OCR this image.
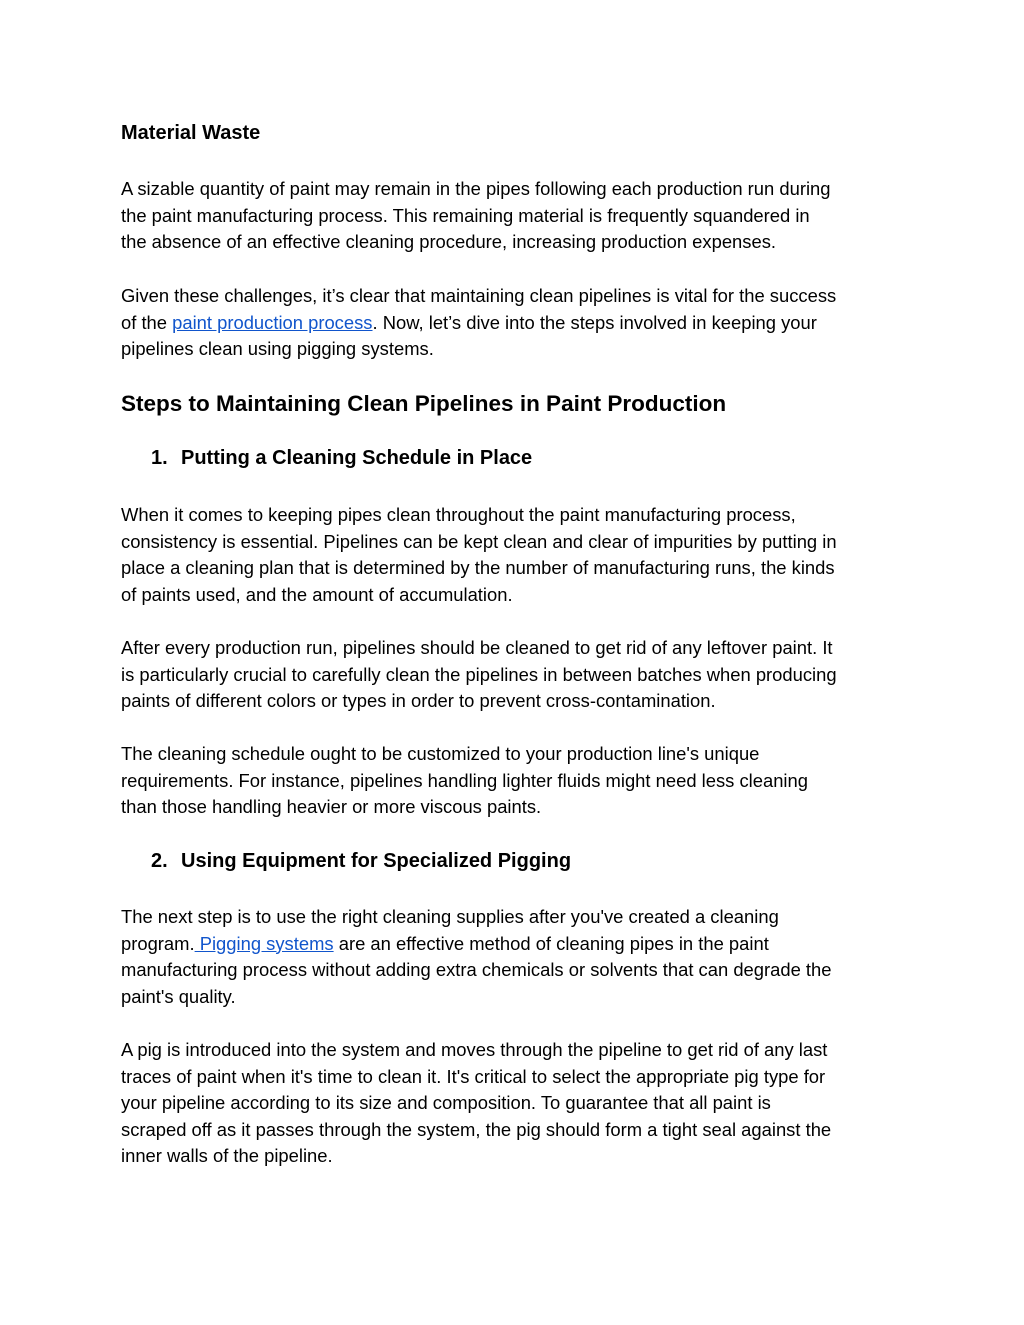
Material Waste
A sizable quantity of paint may remain in the pipes following each production run during
the paint manufacturing process. This remaining material is frequently squandered in
the absence of an effective cleaning procedure, increasing production expenses.
Given these challenges, it’s clear that maintaining clean pipelines is vital for the success
of the paint production process. Now, let’s dive into the steps involved in keeping your
pipelines clean using pigging systems.
Steps to Maintaining Clean Pipelines in Paint Production
1. Putting a Cleaning Schedule in Place
When it comes to keeping pipes clean throughout the paint manufacturing process,
consistency is essential. Pipelines can be kept clean and clear of impurities by putting in
place a cleaning plan that is determined by the number of manufacturing runs, the kinds
of paints used, and the amount of accumulation.
After every production run, pipelines should be cleaned to get rid of any leftover paint. It
is particularly crucial to carefully clean the pipelines in between batches when producing
paints of different colors or types in order to prevent cross-contamination.
The cleaning schedule ought to be customized to your production line's unique
requirements. For instance, pipelines handling lighter fluids might need less cleaning
than those handling heavier or more viscous paints.
2. Using Equipment for Specialized Pigging
The next step is to use the right cleaning supplies after you've created a cleaning
program. Pigging systems are an effective method of cleaning pipes in the paint
manufacturing process without adding extra chemicals or solvents that can degrade the
paint's quality.
A pig is introduced into the system and moves through the pipeline to get rid of any last
traces of paint when it's time to clean it. It's critical to select the appropriate pig type for
your pipeline according to its size and composition. To guarantee that all paint is
scraped off as it passes through the system, the pig should form a tight seal against the
inner walls of the pipeline.
